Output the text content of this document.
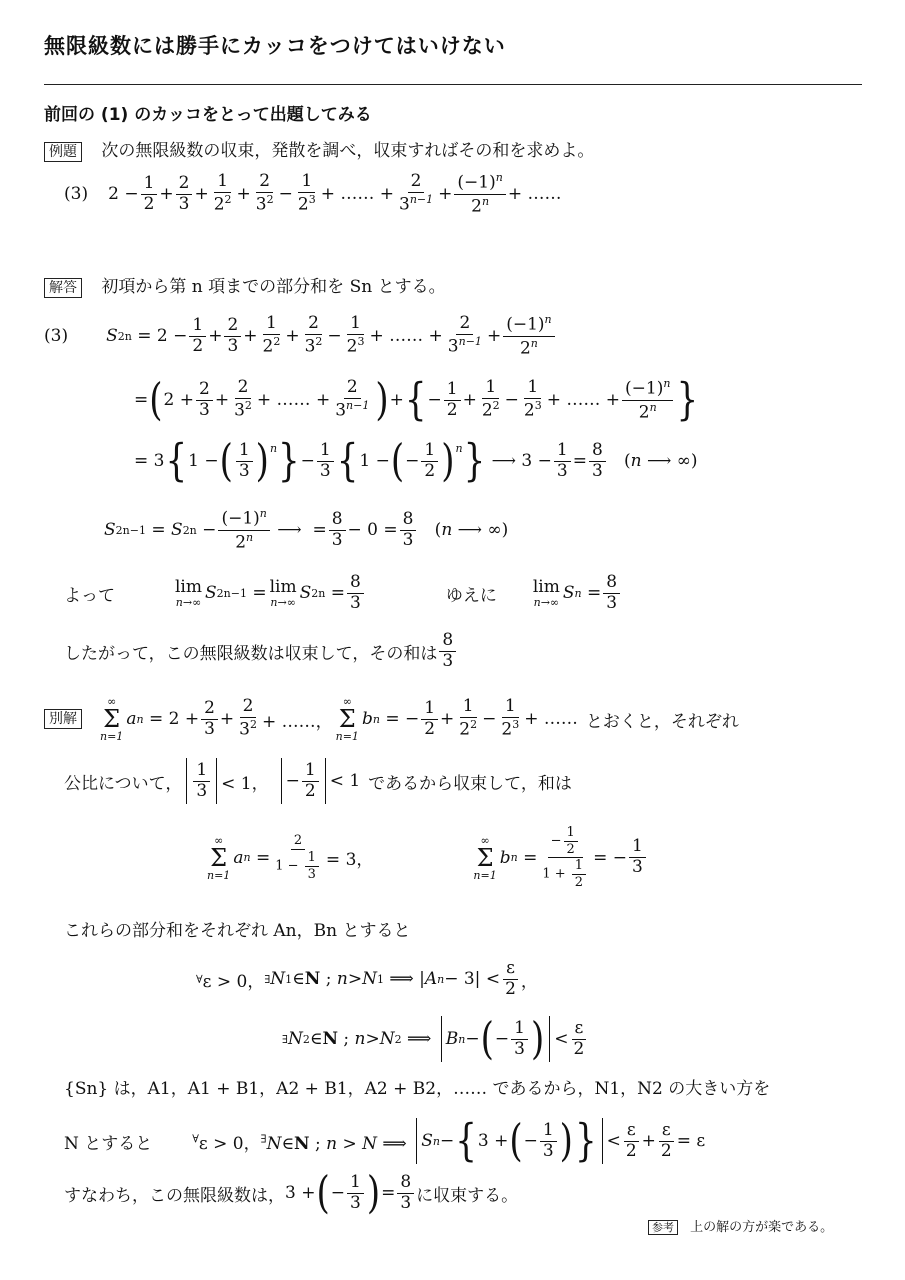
無限級数には勝手にカッコをつけてはいけない
前回の (1) のカッコをとって出題してみる
例題 次の無限級数の収束，発散を調べ，収束すればその和を求めよ。
(3) $2 - \frac{1}{2} + \frac{2}{3} + \frac{1}{2^2} + \frac{2}{3^2} - \frac{1}{2^3}$ + …… + $\frac{2}{3^{n-1}} + \frac{(-1)^n}{2^n}$ + ……
解答 初項から第 n 項までの部分和を Sn とする。
(3) S $2n = 2 - \frac{1}{2} + \frac{2}{3} + \frac{1}{2^2} + \frac{2}{3^2} - \frac{1}{2^3}$ + …… + $\frac{2}{3^{n-1}} + \frac{(-1)^n}{2^n}$
= ( $2 + \frac{2}{3} + \frac{2}{3^2}$ + …… + $\frac{2}{3^{n-1}}$ ) + { − $\frac{1}{2} + \frac{1}{2^2} - \frac{1}{2^3}$ + …… + $\frac{(-1)^n}{2^n}$ }
= 3 { 1 − ( $\frac{1}{3}$ ) n } − $\frac{1}{3}$ { 1 − ( − $\frac{1}{2}$ ) n } ⟶ $3 - \frac{1}{3} = \frac{8}{3}$ ( n ⟶ ∞)
S 2n−1 = S $2n - \frac{(-1)^n}{2^n}$ ⟶  = $\frac{8}{3} - 0 = \frac{8}{3}$ ( n ⟶ ∞)
よって	lim
n→∞ S 2n−1 = lim
n→∞ S $2n = \frac{8}{3}$	ゆえに lim
n→∞ S $n = \frac{8}{3}$
したがって，この無限級数は収束して，その和は $\frac{8}{3}$
別解
∞
Σ
n=1
a $n = 2 + \frac{2}{3} + \frac{2}{3^2}$ + ……，
∞
Σ
n=1
b n = − $\frac{1}{2} + \frac{1}{2^2} - \frac{1}{2^3}$ + …… とおくと，それぞれ
公比について， $\frac{1}{3} < 1$，
− $\frac{1}{2} < 1$ であるから収束して，和は
∞
Σ
n=1
a $n = \frac{2}{1 - \frac{1}{3}} = 3$，
∞
Σ
n=1
b $n = \frac{- \frac{1}{2}}{1 + \frac{1}{2}}$ = − $\frac{1}{3}$
これらの部分和をそれぞれ An，Bn とすると
∀ ε > 0， ∃ N 1 ∈ N ; n > N 1 ⟹ | A $n - 3| < \frac{\varepsilon}{2}$ ，
∃ N 2 ∈ N ; n > N 2 ⟹ B n − ( − $\frac{1}{3}$ ) < $\frac{\varepsilon}{2}$
{Sn} は，A1，A1 + B1，A2 + B1，A2 + B2，…… であるから，N1，N2 の大きい方を
N とすると	∀ε > 0，∃N∈N ; n > N ⟹ S n − { 3 + ( − $\frac{1}{3}$ ) } < $\frac{\varepsilon}{2} + \frac{\varepsilon}{2} = \varepsilon$
すなわち，この無限級数は， 3 + ( − $\frac{1}{3}$ ) = $\frac{8}{3}$ に収束する。
参考 上の解の方が楽である。
